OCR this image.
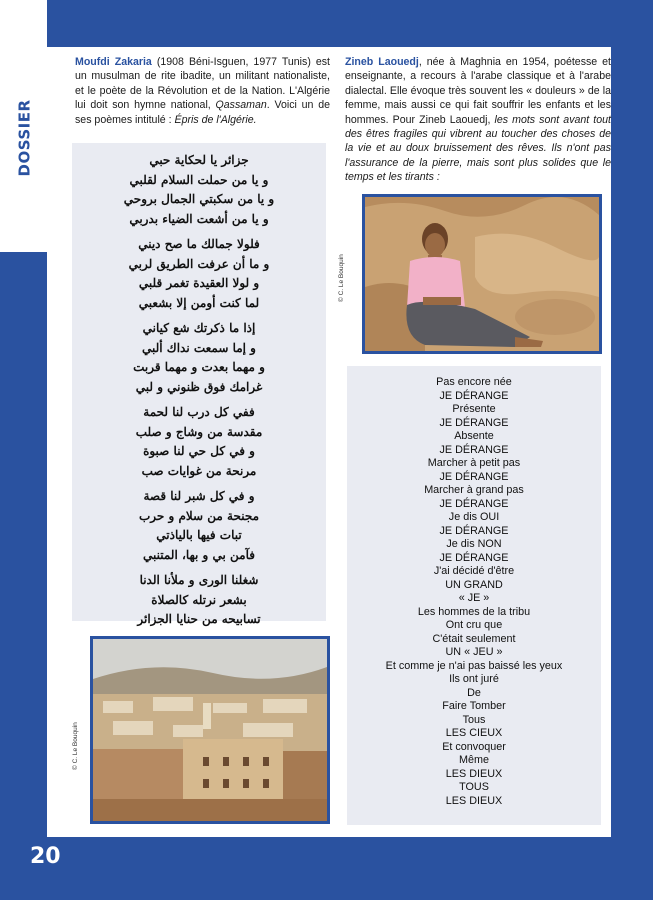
DOSSIER
Moufdi Zakaria (1908 Béni-Isguen, 1977 Tunis) est un musulman de rite ibadite, un militant nationaliste, et le poète de la Révolution et de la Nation. L'Algérie lui doit son hymne national, Qassaman. Voici un de ses poèmes intitulé : Épris de l'Algérie.
Zineb Laouedj, née à Maghnia en 1954, poétesse et enseignante, a recours à l'arabe classique et à l'arabe dialectal. Elle évoque très souvent les « douleurs » de la femme, mais aussi ce qui fait souffrir les enfants et les hommes. Pour Zineb Laouedj, les mots sont avant tout des êtres fragiles qui vibrent au toucher des choses de la vie et au doux bruissement des rêves. Ils n'ont pas l'assurance de la pierre, mais sont plus solides que le temps et les tirants :
جزائر يا لحكاية حبي
و يا من حملت السلام لقلبي
و يا من سكبتي الجمال بروحي
و يا من أشعت الضياء بدربي
فلولا جمالك ما صح ديني
و ما أن عرفت الطريق لربي
و لولا العقيدة تغمر قلبي
لما كنت أومن إلا بشعبي
إذا ما ذكرتك شع كياني
و إما سمعت نداك ألبي
و مهما بعدت و مهما قربت
غرامك فوق ظنوني و لبي
ففي كل درب لنا لحمة
مقدسة من وشاج و صلب
و في كل حي لنا صبوة
مرنحة من غوايات صب
و في كل شبر لنا قصة
مجنحة من سلام و حرب
تبات فيها بالياذتي
فآمن بي و بها، المتنبي
شغلنا الورى و ملأنا الدنا
بشعر نرتله كالصلاة
تسابيحه من حنايا الجزائر
© C. Le Bouquin
Pas encore née
JE DÉRANGE
Présente
JE DÉRANGE
Absente
JE DÉRANGE
Marcher à petit pas
JE DÉRANGE
Marcher à grand pas
JE DÉRANGE
Je dis OUI
JE DÉRANGE
Je dis NON
JE DÉRANGE
J'ai décidé d'être
UN GRAND
« JE »
Les hommes de la tribu
Ont cru que
C'était seulement
UN « JEU »
Et comme je n'ai pas baissé les yeux
Ils ont juré
De
Faire Tomber
Tous
LES CIEUX
Et convoquer
Même
LES DIEUX
TOUS
LES DIEUX
© C. Le Bouquin
20
